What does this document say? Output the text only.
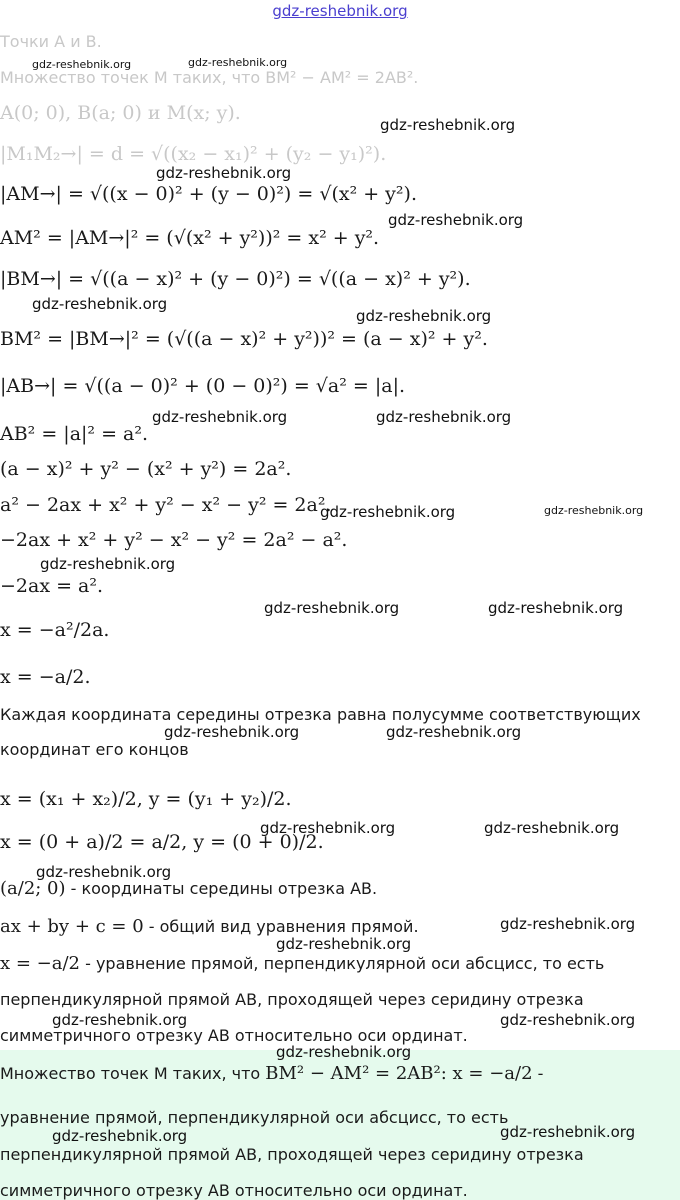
gdz-reshebnik.org
Точки A и B.
Множество точек M таких, что BM² − AM² = 2AB².
A(0; 0), B(a; 0) и M(x; y).
|M₁M₂→| = d = √((x₂ − x₁)² + (y₂ − y₁)²).
|AM→| = √((x − 0)² + (y − 0)²) = √(x² + y²).
AM² = |AM→|² = (√(x² + y²))² = x² + y².
|BM→| = √((a − x)² + (y − 0)²) = √((a − x)² + y²).
BM² = |BM→|² = (√((a − x)² + y²))² = (a − x)² + y².
|AB→| = √((a − 0)² + (0 − 0)²) = √a² = |a|.
AB² = |a|² = a².
(a − x)² + y² − (x² + y²) = 2a².
a² − 2ax + x² + y² − x² − y² = 2a².
−2ax + x² + y² − x² − y² = 2a² − a².
−2ax = a².
x = −a²/2a.
x = −a/2.
Каждая координата середины отрезка равна полусумме соответствующих
координат его концов
x = (x₁ + x₂)/2, y = (y₁ + y₂)/2.
x = (0 + a)/2 = a/2, y = (0 + 0)/2.
(a/2; 0) - координаты середины отрезка AB.
ax + by + c = 0 - общий вид уравнения прямой.
x = −a/2 - уравнение прямой, перпендикулярной оси абсцисс, то есть
перпендикулярной прямой AB, проходящей через серидину отрезка
симметричного отрезку AB относительно оси ординат.
Множество точек M таких, что BM² − AM² = 2AB²: x = −a/2 -
уравнение прямой, перпендикулярной оси абсцисс, то есть
перпендикулярной прямой AB, проходящей через серидину отрезка
симметричного отрезку AB относительно оси ординат.
gdz-reshebnik.org	gdz-reshebnik.org
gdz-reshebnik.org
gdz-reshebnik.org
gdz-reshebnik.org
gdz-reshebnik.org
gdz-reshebnik.org
gdz-reshebnik.org	gdz-reshebnik.org
gdz-reshebnik.org	gdz-reshebnik.org
gdz-reshebnik.org
gdz-reshebnik.org	gdz-reshebnik.org
gdz-reshebnik.org	gdz-reshebnik.org
gdz-reshebnik.org	gdz-reshebnik.org
gdz-reshebnik.org
gdz-reshebnik.org
gdz-reshebnik.org
gdz-reshebnik.org	gdz-reshebnik.org
gdz-reshebnik.org
gdz-reshebnik.org	gdz-reshebnik.org
